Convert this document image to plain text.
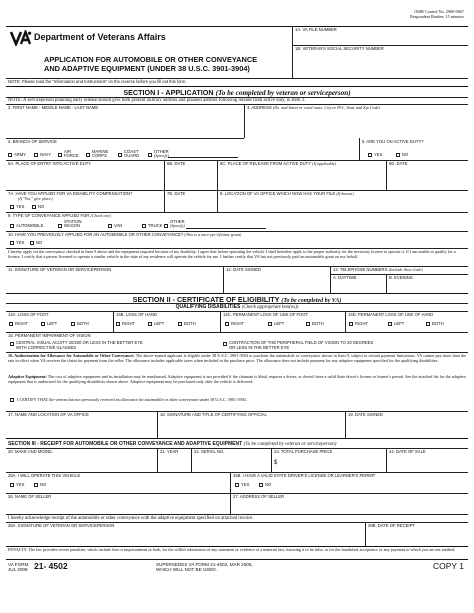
OMB Control No. 2900-0067
Respondent Burden: 15 minutes
Department of Veterans Affairs
1A. VA FILE NUMBER
1B. VETERAN'S SOCIAL SECURITY NUMBER
APPLICATION FOR AUTOMOBILE OR OTHER CONVEYANCE
AND ADAPTIVE EQUIPMENT (UNDER 38 U.S.C. 3901-3904)
NOTE: Please read the "Information and Instructions" on the reverse before you fill out this form.
SECTION I - APPLICATION (To be completed by veteran or serviceperson)
NOTE: A serviceperson planning early release should give both present military address and planned address following release from active duty, in Item 3.
2. FIRST NAME - MIDDLE NAME - LAST NAME	3. ADDRESS (No. and Street or rural route, City or P.O., State and Zip Code)
4. BRANCH OF SERVICE
ARMY	NAVY
AIR FORCE
MARINE CORPS
COAST GUARD
OTHER
(Specify)
5. ARE YOU ON ACTIVE DUTY?
YES	NO
6A. PLACE OF ENTRY INTO ACTIVE DUTY	6B. DATE	6C. PLACE OF RELEASE FROM ACTIVE DUTY (If applicable)	6D. DATE
7A. HAVE YOU APPLIED FOR VA DISABILITY COMPENSATION?
(If "Yes," give place)
YES	NO
7B. DATE	8. LOCATION OF VA OFFICE WHICH NOW HAS YOUR FILE (If known)
9. TYPE OF CONVEYANCE APPLIED FOR (Check one)
AUTOMOBILE
STATION WAGON	VAN	TRUCK
OTHER
(Specify)
10. HAVE YOU PREVIOUSLY APPLIED FOR AN AUTOMOBILE OR OTHER CONVEYANCE? (This is a once-per-lifetime grant)
YES	NO
I hereby apply for the conveyance checked in Item 9 above and the equipment required because of my disability. I agree that before operating the vehicle I shall hereafter apply to the proper authority for the necessary license to operate it. If I am unable to qualify for a license, I certify that a person licensed to operate a similar vehicle in the state of my residence will operate the vehicle for me. I further certify that VA has not previously paid an automobile grant on my behalf.
11. SIGNATURE OF VETERAN OR SERVICEPERSON	12. DATE SIGNED	13. TELEPHONE NUMBERS (Include Area Code)
A. DAYTIME	B. EVENING
SECTION II - CERTIFICATE OF ELIGIBILITY (To be completed by VA)
QUALIFYING DISABILITIES (Check appropriate box(es))
14A. LOSS OF FOOT	14B. LOSS OF HAND	14C. PERMANENT LOSS OF USE OF FOOT	14D. PERMANENT LOSS OF USE OF HAND
RIGHT	LEFT	BOTH	RIGHT	LEFT	BOTH	RIGHT	LEFT	BOTH	RIGHT	LEFT	BOTH
15. PERMANENT IMPAIRMENT OF VISION
CENTRAL VISUAL ACUITY 20/200 OR LESS IN THE BETTER EYE
WITH CORRECTIVE GLASSES
CONTRACTION OF THE PERIPHERAL FIELD OF VISION TO 20 DEGREES
OR LESS IN THE BETTER EYE
16. Authorization for Allowance for Automobile or Other Conveyance: The above-named applicant is eligible under 38 U.S.C. 3901-3904 to purchase the automobile or conveyance shown in Item 9, subject to certain payment limitations. VA cannot pay more than the rate in effect when VA receives the claim for payment from the seller. The allowance includes applicable taxes when included in the purchase price. The allowance does not include payment for any adaptive equipment specified for the qualifying disabilities.
Adaptive Equipment: The cost of adaptive equipment and its installation may be reimbursed. Adaptive equipment is not provided if the claimant is blind, requires a driver, or doesn't have a valid State driver's license or learner's permit. See the attached list for the adaptive equipment that is authorized for the qualifying disabilities shown above. Adaptive equipment may be purchased only after the vehicle is delivered.
I CERTIFY THAT the veteran has not previously received an allowance for automobile or other conveyance under 38 U.S.C. 3901-3904.
17. NAME AND LOCATION OF VA OFFICE	18. SIGNATURE AND TITLE OF CERTIFYING OFFICIAL	19. DATE SIGNED
SECTION III - RECEIPT FOR AUTOMOBILE OR OTHER CONVEYANCE AND ADAPTIVE EQUIPMENT (To be completed by veteran or serviceperson)
20. MAKE AND MODEL	21. YEAR	22. SERIAL NO.	23. TOTAL PURCHASE PRICE
$
24. DATE OF SALE
25A. I WILL OPERATE THIS VEHICLE
YES	NO
25B. I HAVE A VALID STATE DRIVER'S LICENSE OR LEARNER'S PERMIT
YES	NO
26. NAME OF SELLER	27. ADDRESS OF SELLER
I hereby acknowledge receipt of the automobile or other conveyance with the adaptive equipment specified on attached invoice.
28A. SIGNATURE OF VETERAN OR SERVICEPERSON	28B. DATE OF RECEIPT
PENALTY: The law provides severe penalties, which include fine or imprisonment or both, for the willful submission of any statement or evidence of a material fact, knowing it to be false, or for the fraudulent acceptance of any payment to which you are not entitled.
VA FORM
JUL 2008 21- 4502	SUPERSEDES VA FORM 21-4502, MAR 2005,
WHICH WILL NOT BE USED.	COPY 1
